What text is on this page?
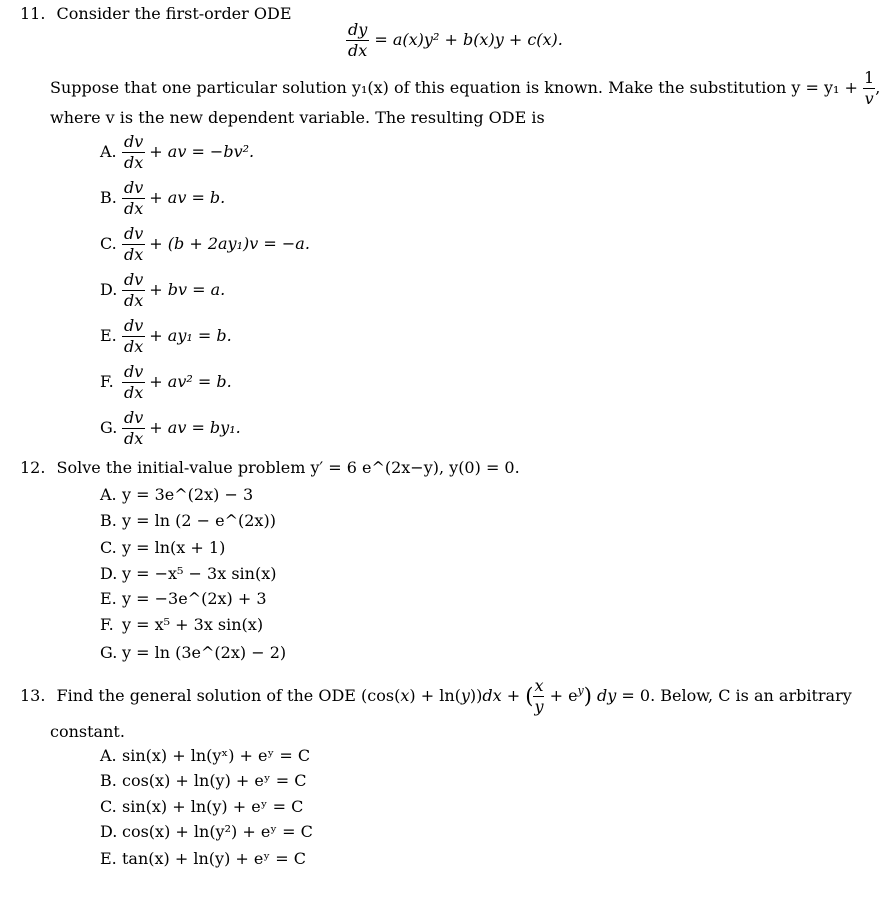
11. Consider the first-order ODE
$\frac{dy}{dx} = a(x)y^2 + b(x)y + c(x)$.
Suppose that one particular solution y₁(x) of this equation is known. Make the substitution $y = y_1 + \frac{1}{v}$ ,
where v is the new dependent variable. The resulting ODE is
A. $\frac{dv}{dx}$ + av = −bv².
B. $\frac{dv}{dx}$ + av = b.
C. $\frac{dv}{dx} + (b + 2ay_1)v = -a$.
D. $\frac{dv}{dx}$ + bv = a.
E. $\frac{dv}{dx} + ay_1 = b$.
F. $\frac{dv}{dx} + av^2 = b$.
G. $\frac{dv}{dx}$ + av = by₁.
12. Solve the initial-value problem y′ = 6 e^(2x−y), y(0) = 0.
A. y = 3e^(2x) − 3
B. y = ln (2 − e^(2x))
C. y = ln(x + 1)
D. y = −x⁵ − 3x sin(x)
E. y = −3e^(2x) + 3
F. y = x⁵ + 3x sin(x)
G. y = ln (3e^(2x) − 2)
13. Find the general solution of the ODE (cos(x) + ln(y))dx + ( $\frac{x}{y} + e^y$) dy = 0. Below, C is an arbitrary
constant.
A. sin(x) + ln(yˣ) + eʸ = C
B. cos(x) + ln(y) + eʸ = C
C. sin(x) + ln(y) + eʸ = C
D. cos(x) + ln(y²) + eʸ = C
E. tan(x) + ln(y) + eʸ = C
